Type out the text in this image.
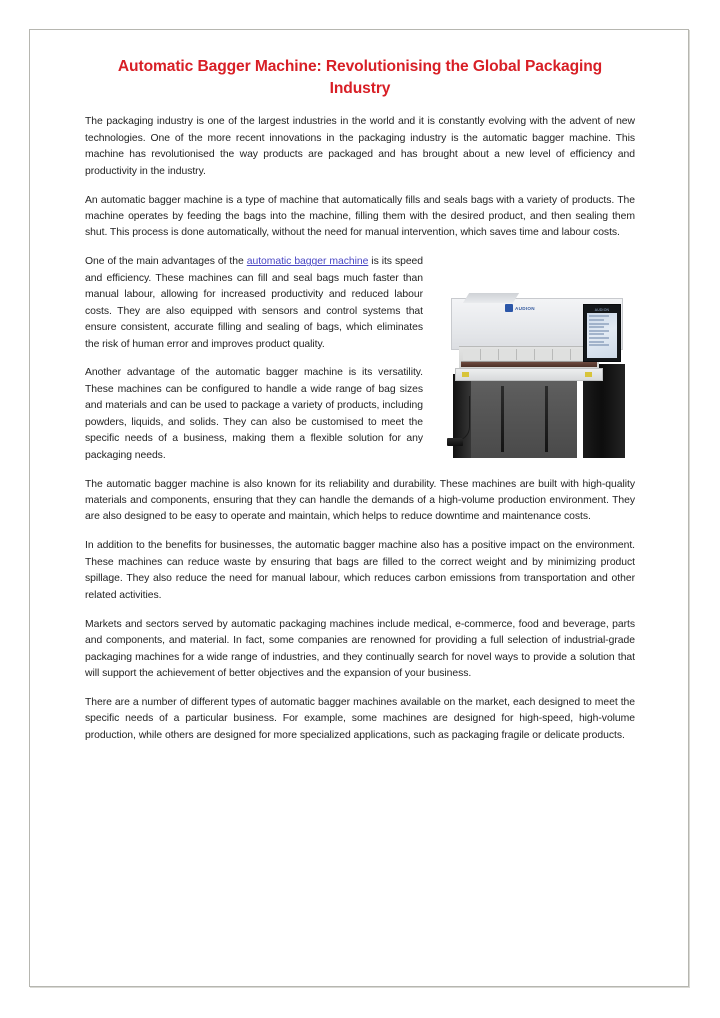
Automatic Bagger Machine: Revolutionising the Global Packaging Industry

The packaging industry is one of the largest industries in the world and it is constantly evolving with the advent of new technologies. One of the more recent innovations in the packaging industry is the automatic bagger machine. This machine has revolutionised the way products are packaged and has brought about a new level of efficiency and productivity in the industry.

An automatic bagger machine is a type of machine that automatically fills and seals bags with a variety of products. The machine operates by feeding the bags into the machine, filling them with the desired product, and then sealing them shut. This process is done automatically, without the need for manual intervention, which saves time and labour costs.

AUDION	AUDION

One of the main advantages of the automatic bagger machine is its speed and efficiency. These machines can fill and seal bags much faster than manual labour, allowing for increased productivity and reduced labour costs. They are also equipped with sensors and control systems that ensure consistent, accurate filling and sealing of bags, which eliminates the risk of human error and improves product quality.

Another advantage of the automatic bagger machine is its versatility. These machines can be configured to handle a wide range of bag sizes and materials and can be used to package a variety of products, including powders, liquids, and solids. They can also be customised to meet the specific needs of a business, making them a flexible solution for any packaging needs.

The automatic bagger machine is also known for its reliability and durability. These machines are built with high-quality materials and components, ensuring that they can handle the demands of a high-volume production environment. They are also designed to be easy to operate and maintain, which helps to reduce downtime and maintenance costs.

In addition to the benefits for businesses, the automatic bagger machine also has a positive impact on the environment. These machines can reduce waste by ensuring that bags are filled to the correct weight and by minimizing product spillage. They also reduce the need for manual labour, which reduces carbon emissions from transportation and other related activities.

Markets and sectors served by automatic packaging machines include medical, e-commerce, food and beverage, parts and components, and material. In fact, some companies are renowned for providing a full selection of industrial-grade packaging machines for a wide range of industries, and they continually search for novel ways to provide a solution that will support the achievement of better objectives and the expansion of your business.

There are a number of different types of automatic bagger machines available on the market, each designed to meet the specific needs of a particular business. For example, some machines are designed for high-speed, high-volume production, while others are designed for more specialized applications, such as packaging fragile or delicate products.
